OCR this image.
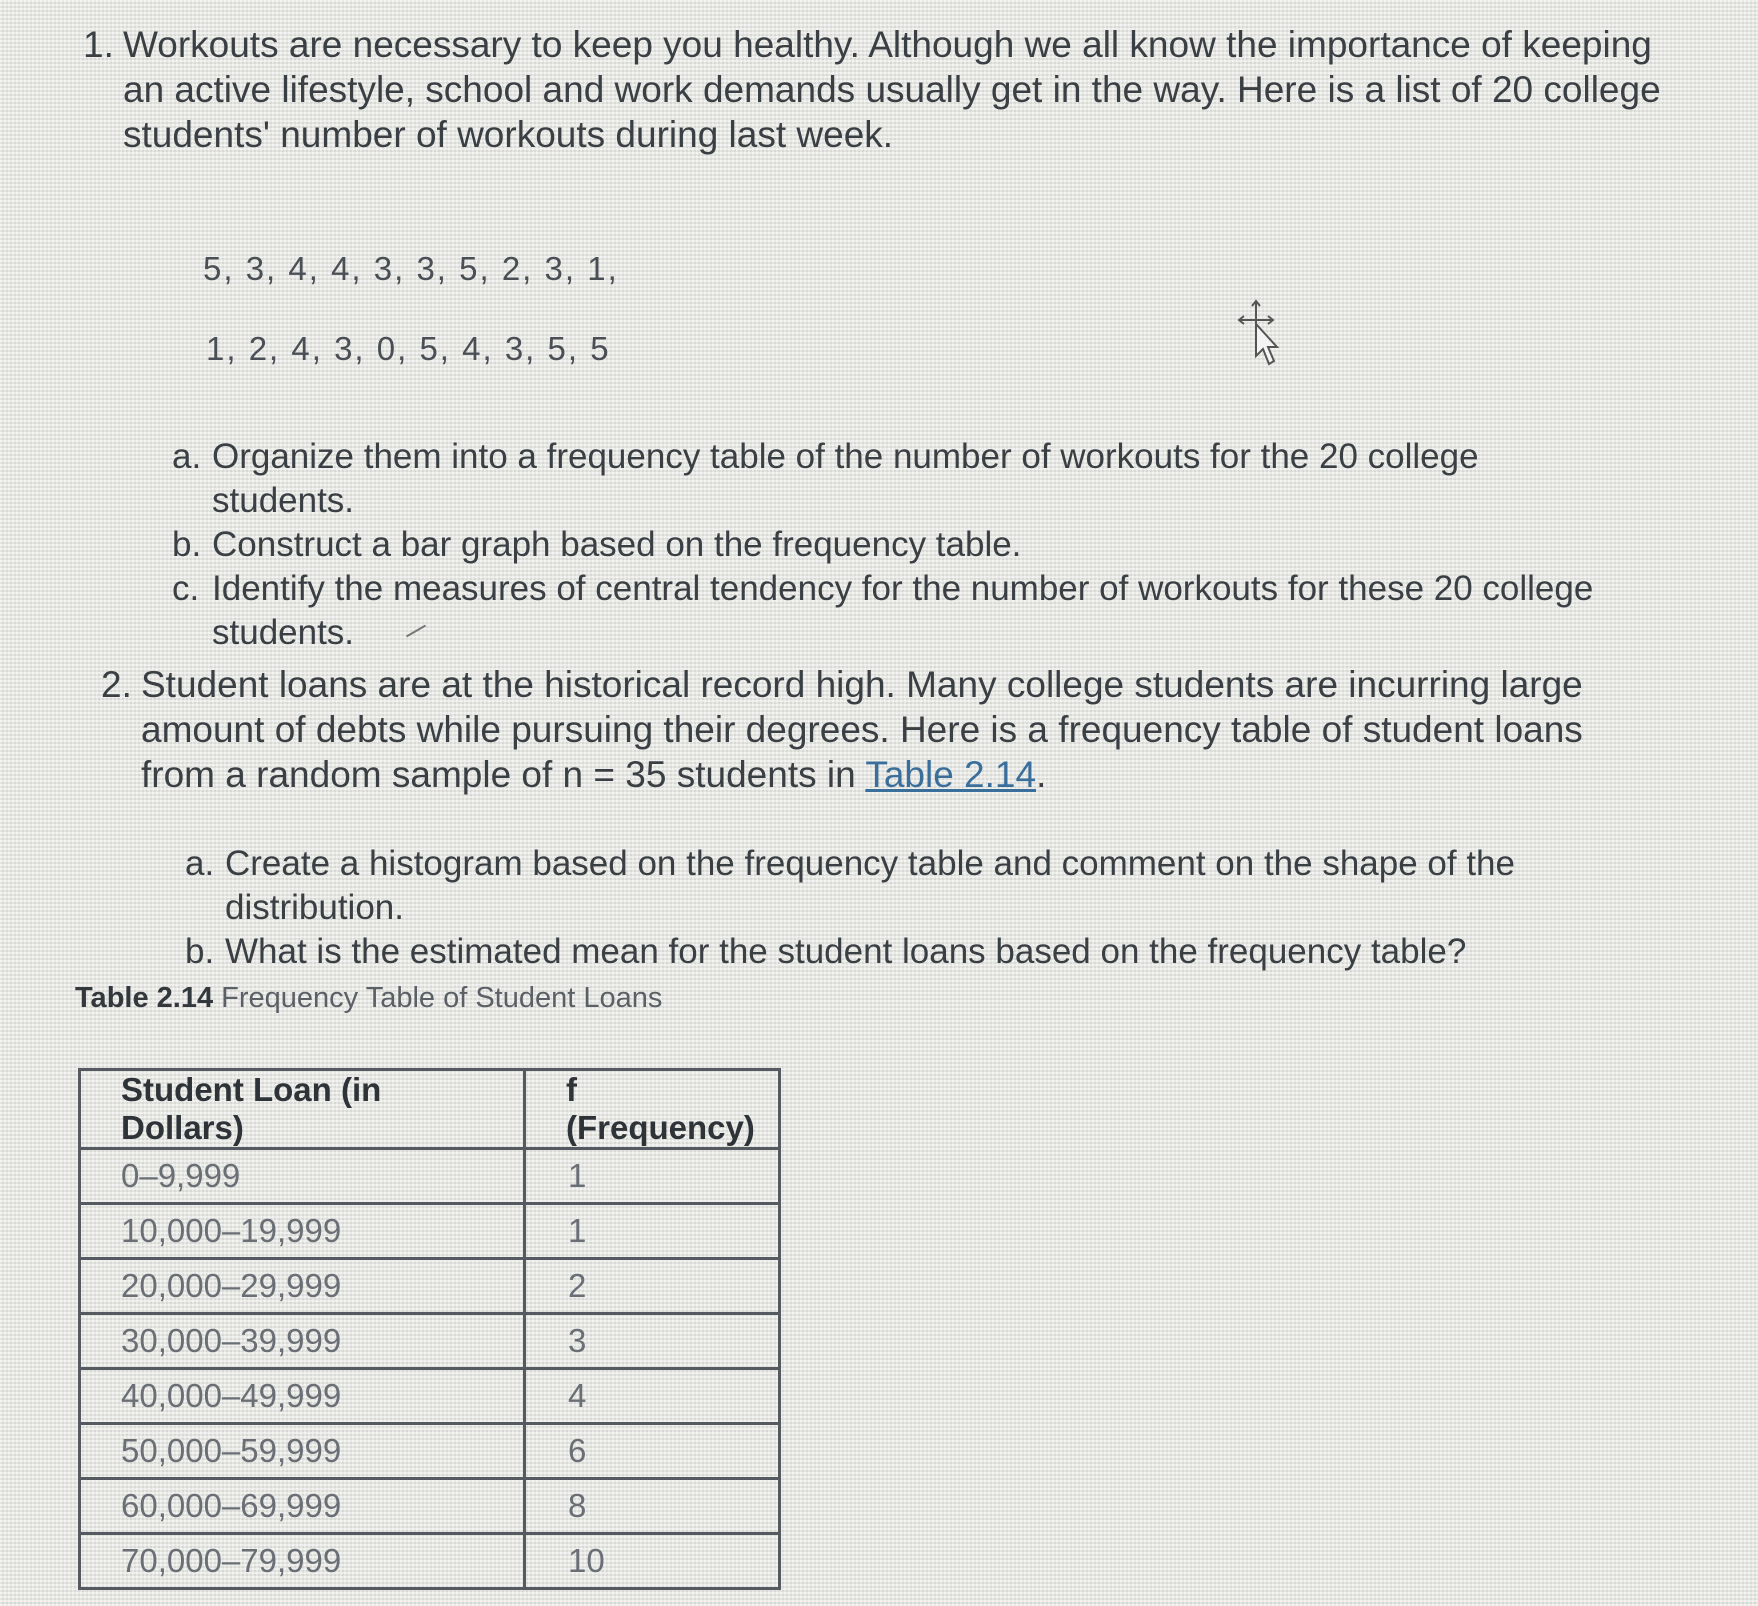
1. Workouts are necessary to keep you healthy. Although we all know the importance of keeping an active lifestyle, school and work demands usually get in the way. Here is a list of 20 college students' number of workouts during last week.
5, 3, 4, 4, 3, 3, 5, 2, 3, 1,
1, 2, 4, 3, 0, 5, 4, 3, 5, 5
a. Organize them into a frequency table of the number of workouts for the 20 college students.
b. Construct a bar graph based on the frequency table.
c. Identify the measures of central tendency for the number of workouts for these 20 college students.
2. Student loans are at the historical record high. Many college students are incurring large amount of debts while pursuing their degrees. Here is a frequency table of student loans from a random sample of n = 35 students in Table 2.14.
a. Create a histogram based on the frequency table and comment on the shape of the distribution.
b. What is the estimated mean for the student loans based on the frequency table?
Table 2.14 Frequency Table of Student Loans
Student Loan (in Dollars)	f (Frequency)
0–9,999	1
10,000–19,999	1
20,000–29,999	2
30,000–39,999	3
40,000–49,999	4
50,000–59,999	6
60,000–69,999	8
70,000–79,999	10
